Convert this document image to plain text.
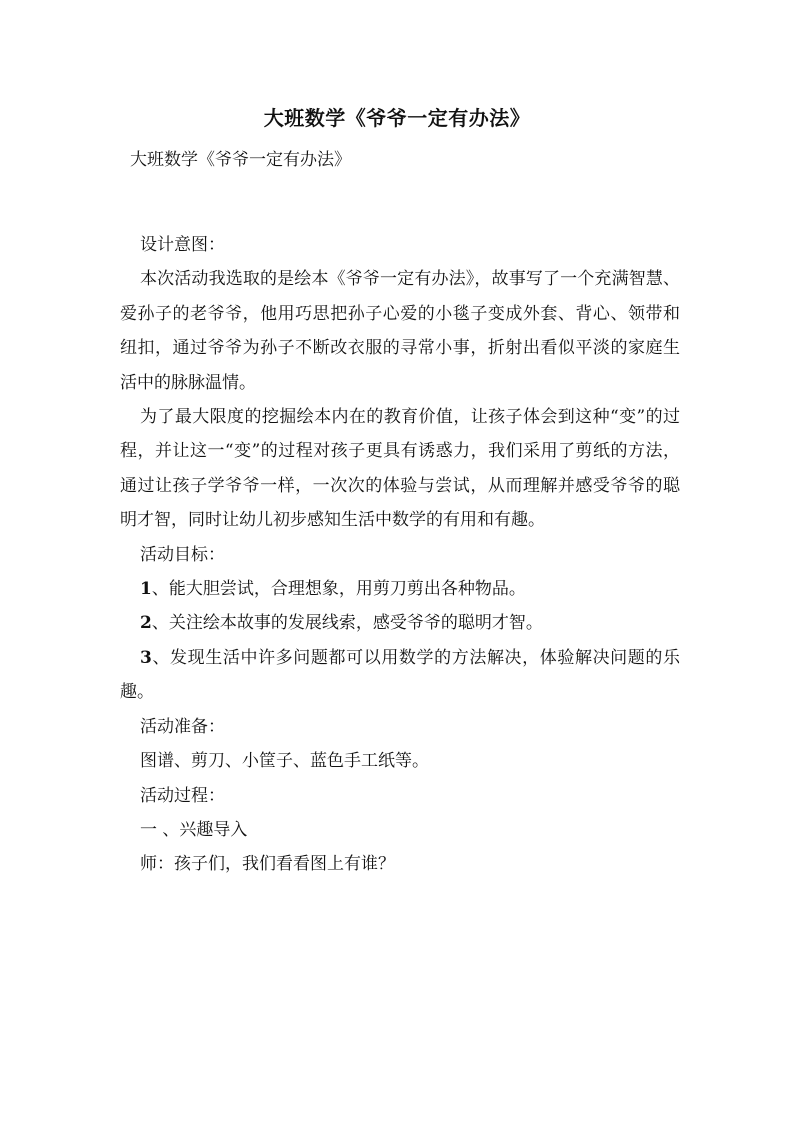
大班数学《爷爷一定有办法》
大班数学《爷爷一定有办法》

设计意图：

本次活动我选取的是绘本《爷爷一定有办法》，故事写了一个充满智慧、爱孙子的老爷爷，他用巧思把孙子心爱的小毯子变成外套、背心、领带和纽扣，通过爷爷为孙子不断改衣服的寻常小事，折射出看似平淡的家庭生活中的脉脉温情。

为了最大限度的挖掘绘本内在的教育价值，让孩子体会到这种“变”的过程，并让这一“变”的过程对孩子更具有诱惑力，我们采用了剪纸的方法，通过让孩子学爷爷一样，一次次的体验与尝试，从而理解并感受爷爷的聪明才智，同时让幼儿初步感知生活中数学的有用和有趣。

活动目标：

1、能大胆尝试，合理想象，用剪刀剪出各种物品。

2、关注绘本故事的发展线索，感受爷爷的聪明才智。

3、发现生活中许多问题都可以用数学的方法解决，体验解决问题的乐趣。

活动准备：

图谱、剪刀、小筐子、蓝色手工纸等。

活动过程：

一 、兴趣导入

师：孩子们，我们看看图上有谁？
